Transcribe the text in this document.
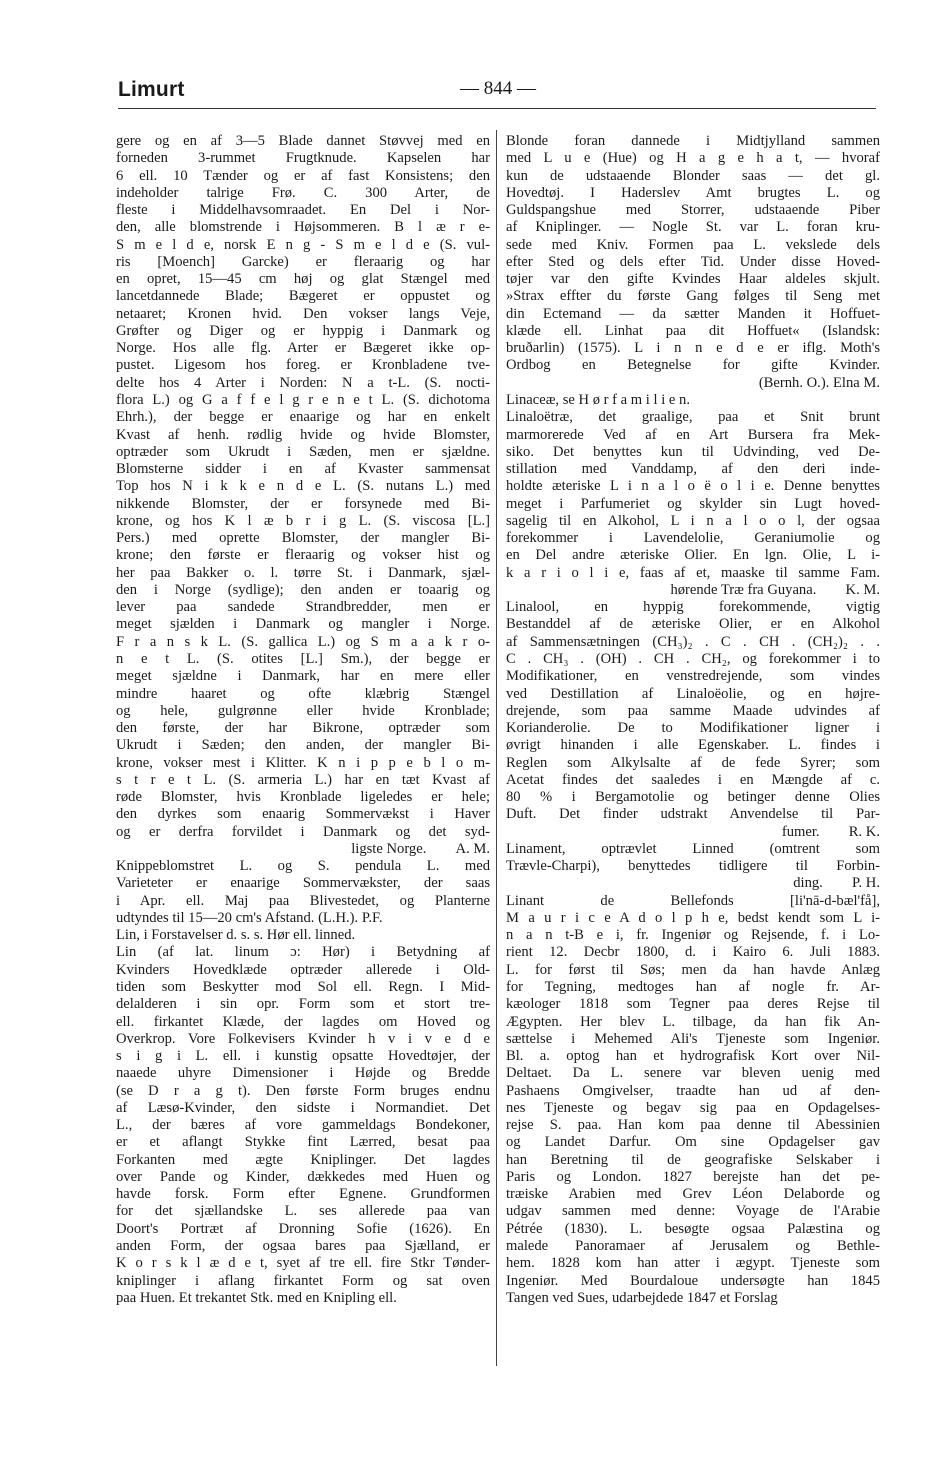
Limurt	— 844 —
gere og en af 3—5 Blade dannet Støvvej med en
forneden 3-rummet Frugtknude. Kapselen har
6 ell. 10 Tænder og er af fast Konsistens; den
indeholder talrige Frø. C. 300 Arter, de
fleste i Middelhavsomraadet. En Del i Nor-
den, alle blomstrende i Højsommeren. B l æ r e-
S m e l d e, norsk E n g - S m e l d e (S. vul-
ris [Moench] Garcke) er fleraarig og har
en opret, 15—45 cm høj og glat Stængel med
lancetdannede Blade; Bægeret er oppustet og
netaaret; Kronen hvid. Den vokser langs Veje,
Grøfter og Diger og er hyppig i Danmark og
Norge. Hos alle flg. Arter er Bægeret ikke op-
pustet. Ligesom hos foreg. er Kronbladene tve-
delte hos 4 Arter i Norden: N a t-L. (S. nocti-
flora L.) og G a f f e l g r e n e t L. (S. dichotoma
Ehrh.), der begge er enaarige og har en enkelt
Kvast af henh. rødlig hvide og hvide Blomster,
optræder som Ukrudt i Sæden, men er sjældne.
Blomsterne sidder i en af Kvaster sammensat
Top hos N i k k e n d e L. (S. nutans L.) med
nikkende Blomster, der er forsynede med Bi-
krone, og hos K l æ b r i g L. (S. viscosa [L.]
Pers.) med oprette Blomster, der mangler Bi-
krone; den første er fleraarig og vokser hist og
her paa Bakker o. l. tørre St. i Danmark, sjæl-
den i Norge (sydlige); den anden er toaarig og
lever paa sandede Strandbredder, men er
meget sjælden i Danmark og mangler i Norge.
F r a n s k L. (S. gallica L.) og S m a a k r o-
n e t L. (S. otites [L.] Sm.), der begge er
meget sjældne i Danmark, har en mere eller
mindre haaret og ofte klæbrig Stængel
og hele, gulgrønne eller hvide Kronblade;
den første, der har Bikrone, optræder som
Ukrudt i Sæden; den anden, der mangler Bi-
krone, vokser mest i Klitter. K n i p p e b l o m-
s t r e t L. (S. armeria L.) har en tæt Kvast af
røde Blomster, hvis Kronblade ligeledes er hele;
den dyrkes som enaarig Sommervækst i Haver
og er derfra forvildet i Danmark og det syd-
ligste Norge.  A. M.
Knippeblomstret L. og S. pendula L. med
Varieteter er enaarige Sommervækster, der saas
i Apr. ell. Maj paa Blivestedet, og Planterne
udtyndes til 15—20 cm's Afstand. (L.H.). P.F.
Lin, i Forstavelser d. s. s. Hør ell. linned.
Lin (af lat. linum ɔ: Hør) i Betydning af
Kvinders Hovedklæde optræder allerede i Old-
tiden som Beskytter mod Sol ell. Regn. I Mid-
delalderen i sin opr. Form som et stort tre-
ell. firkantet Klæde, der lagdes om Hoved og
Overkrop. Vore Folkevisers Kvinder h v i v e d e
s i g i L. ell. i kunstig opsatte Hovedtøjer, der
naaede uhyre Dimensioner i Højde og Bredde
(se D r a g t). Den første Form bruges endnu
af Læsø-Kvinder, den sidste i Normandiet. Det
L., der bæres af vore gammeldags Bondekoner,
er et aflangt Stykke fint Lærred, besat paa
Forkanten med ægte Kniplinger. Det lagdes
over Pande og Kinder, dækkedes med Huen og
havde forsk. Form efter Egnene. Grundformen
for det sjællandske L. ses allerede paa van
Doort's Portræt af Dronning Sofie (1626). En
anden Form, der ogsaa bares paa Sjælland, er
K o r s k l æ d e t, syet af tre ell. fire Stkr Tønder-
kniplinger i aflang firkantet Form og sat oven
paa Huen. Et trekantet Stk. med en Knipling ell.
Blonde foran dannede i Midtjylland sammen
med L u e (Hue) og H a g e h a t, — hvoraf
kun de udstaaende Blonder saas — det gl.
Hovedtøj. I Haderslev Amt brugtes L. og
Guldspangshue med Storrer, udstaaende Piber
af Kniplinger. — Nogle St. var L. foran kru-
sede med Kniv. Formen paa L. vekslede dels
efter Sted og dels efter Tid. Under disse Hoved-
tøjer var den gifte Kvindes Haar aldeles skjult.
»Strax effter du første Gang følges til Seng met
din Ectemand — da sætter Manden it Hoffuet-
klæde ell. Linhat paa dit Hoffuet« (Islandsk:
bruðarlin) (1575). L i n n e d e er iflg. Moth's
Ordbog en Betegnelse for gifte Kvinder.
  (Bernh. O.). Elna M.
Linaceæ, se H ø r f a m i l i e n.
Linaloëtræ, det graalige, paa et Snit brunt
marmorerede Ved af en Art Bursera fra Mek-
siko. Det benyttes kun til Udvinding, ved De-
stillation med Vanddamp, af den deri inde-
holdte æteriske L i n a l o ë o l i e. Denne benyttes
meget i Parfumeriet og skylder sin Lugt hoved-
sagelig til en Alkohol, L i n a l o o l, der ogsaa
forekommer i Lavendelolie, Geraniumolie og
en Del andre æteriske Olier. En lgn. Olie, L i-
k a r i o l i e, faas af et, maaske til samme Fam.
hørende Træ fra Guyana.  K. M.
Linalool, en hyppig forekommende, vigtig
Bestanddel af de æteriske Olier, er en Alkohol
af Sammensætningen (CH₃)₂ . C . CH . (CH₂)₂ . .
C . CH₃ . (OH) . CH . CH₂, og forekommer i to
Modifikationer, en venstredrejende, som vindes
ved Destillation af Linaloëolie, og en højre-
drejende, som paa samme Maade udvindes af
Korianderolie. De to Modifikationer ligner i
øvrigt hinanden i alle Egenskaber. L. findes i
Reglen som Alkylsalte af de fede Syrer; som
Acetat findes det saaledes i en Mængde af c.
80 % i Bergamotolie og betinger denne Olies
Duft. Det finder udstrakt Anvendelse til Par-
fumer.  R. K.
Linament, optrævlet Linned (omtrent som
Trævle-Charpi), benyttedes tidligere til Forbin-
ding.  P. H.
Linant de Bellefonds [li'nā-d-bæl'få],
M a u r i c e A d o l p h e, bedst kendt som L i-
n a n t-B e i, fr. Ingeniør og Rejsende, f. i Lo-
rient 12. Decbr 1800, d. i Kairo 6. Juli 1883.
L. for først til Søs; men da han havde Anlæg
for Tegning, medtoges han af nogle fr. Ar-
kæologer 1818 som Tegner paa deres Rejse til
Ægypten. Her blev L. tilbage, da han fik An-
sættelse i Mehemed Ali's Tjeneste som Ingeniør.
Bl. a. optog han et hydrografisk Kort over Nil-
Deltaet. Da L. senere var bleven uenig med
Pashaens Omgivelser, traadte han ud af den-
nes Tjeneste og begav sig paa en Opdagelses-
rejse S. paa. Han kom paa denne til Abessinien
og Landet Darfur. Om sine Opdagelser gav
han Beretning til de geografiske Selskaber i
Paris og London. 1827 berejste han det pe-
træiske Arabien med Grev Léon Delaborde og
udgav sammen med denne: Voyage de l'Arabie
Pétrée (1830). L. besøgte ogsaa Palæstina og
malede Panoramaer af Jerusalem og Bethle-
hem. 1828 kom han atter i ægypt. Tjeneste som
Ingeniør. Med Bourdaloue undersøgte han 1845
Tangen ved Sues, udarbejdede 1847 et Forslag
